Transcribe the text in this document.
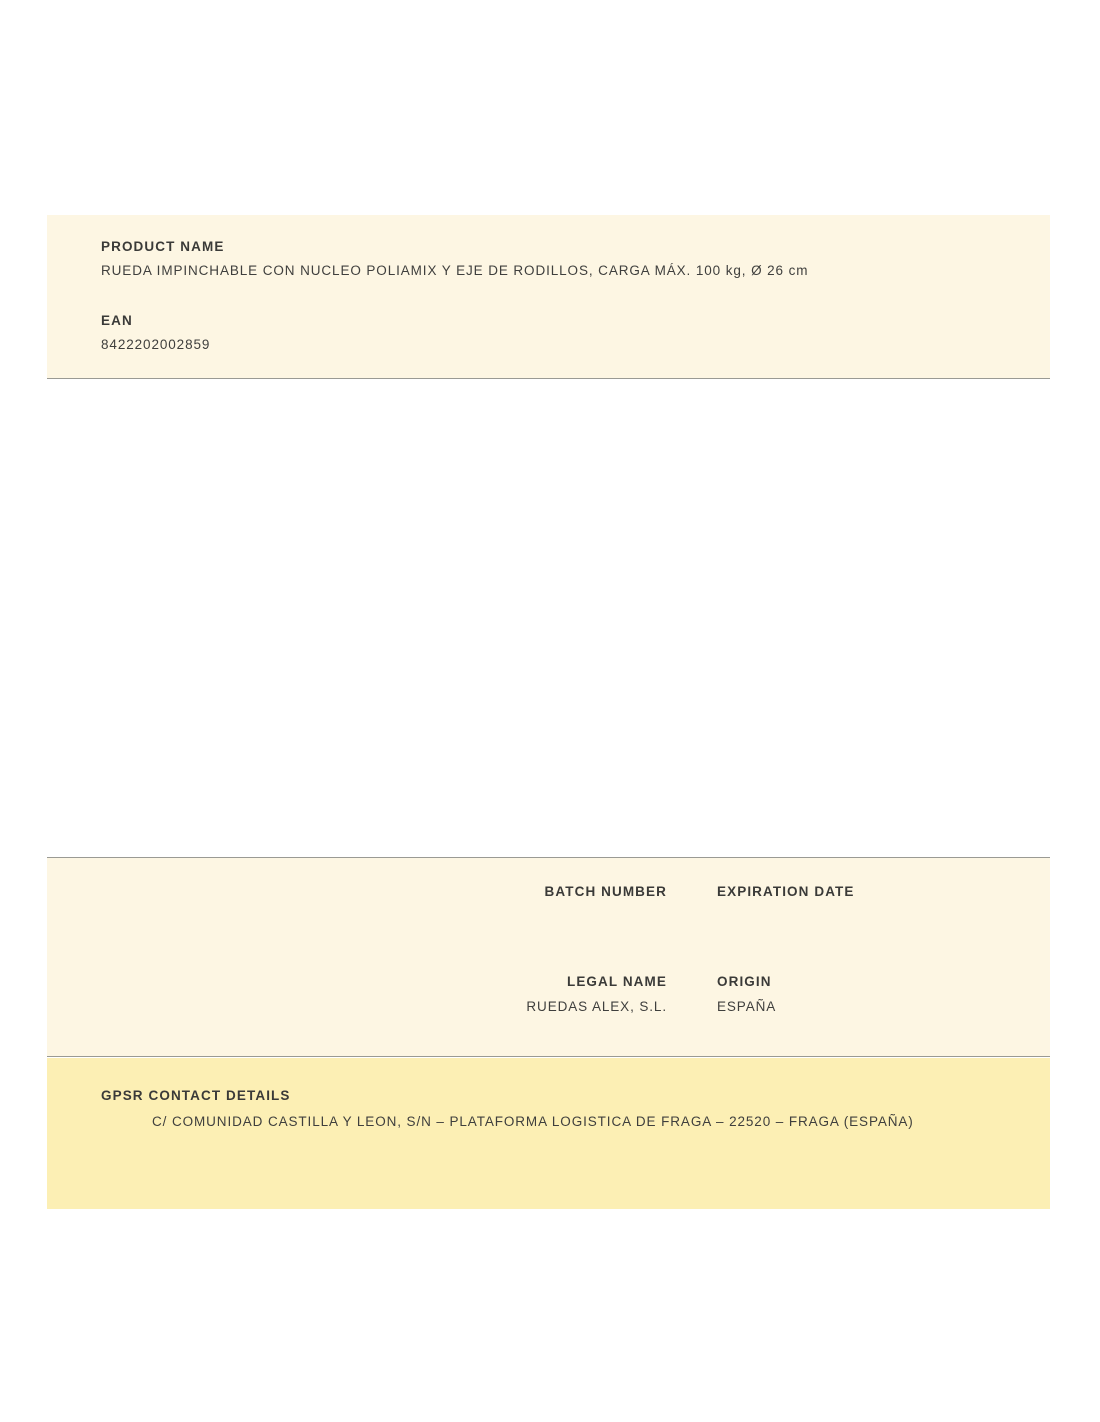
PRODUCT NAME
RUEDA IMPINCHABLE CON NUCLEO POLIAMIX Y EJE DE RODILLOS, CARGA MÁX. 100 kg, Ø 26 cm
EAN
8422202002859
BATCH NUMBER	EXPIRATION DATE
LEGAL NAME
RUEDAS ALEX, S.L.
ORIGIN
ESPAÑA
GPSR CONTACT DETAILS
C/ COMUNIDAD CASTILLA Y LEON, S/N – PLATAFORMA LOGISTICA DE FRAGA – 22520 – FRAGA (ESPAÑA)
